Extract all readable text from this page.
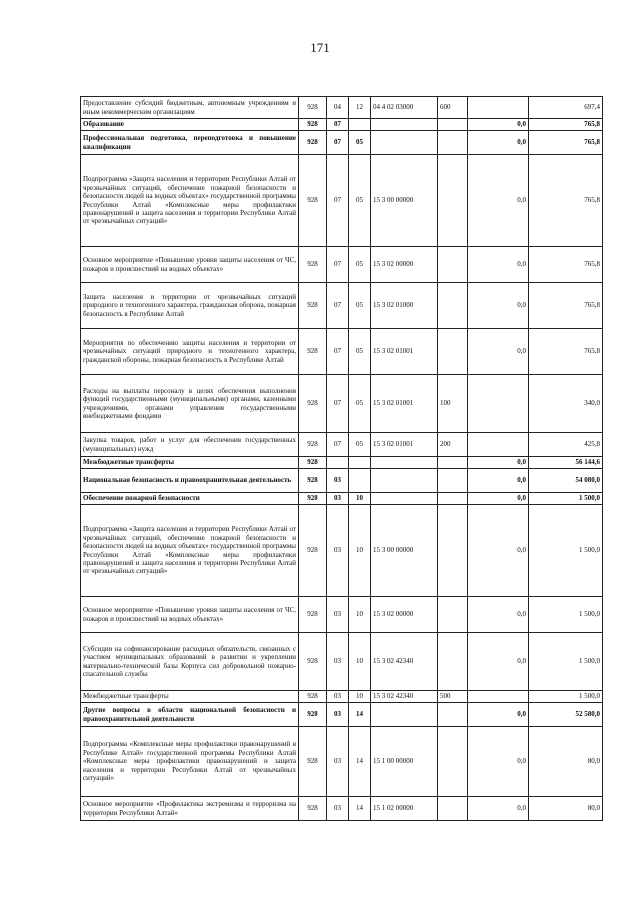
171
Предоставление субсидий бюджетным, автономным учреждениям и иным некоммерческим организациям	928	04	12	04 4 02 03000	600		697,4
Образование	928	07				0,0	765,8
Профессиональная подготовка, переподготовка и повышение квалификации	928	07	05			0,0	765,8
Подпрограмма «Защита населения и территории Республики Алтай от чрезвычайных ситуаций, обеспечение пожарной безопасности и безопасности людей на водных объектах» государственной программы Республики Алтай «Комплексные меры профилактики правонарушений и защита населения и территории Республики Алтай от чрезвычайных ситуаций»	928	07	05	15 3 00 00000		0,0	765,8
Основное мероприятие «Повышение уровня защиты населения от ЧС, пожаров и происшествий на водных объектах»	928	07	05	15 3 02 00000		0,0	765,8
Защита населения и территории от чрезвычайных ситуаций природного и техногенного характера, гражданская оборона, пожарная безопасность в Республике Алтай	928	07	05	15 3 02 01000		0,0	765,8
Мероприятия по обеспечению защиты населения и территории от чрезвычайных ситуаций природного и техногенного характера, гражданской обороны, пожарная безопасность в Республике Алтай	928	07	05	15 3 02 01001		0,0	765,8
Расходы на выплаты персоналу в целях обеспечения выполнения функций государственными (муниципальными) органами, казенными учреждениями, органами управления государственными внебюджетными фондами	928	07	05	15 3 02 01001	100		340,0
Закупка товаров, работ и услуг для обеспечения государственных (муниципальных) нужд	928	07	05	15 3 02 01001	200		425,8
Межбюджетные трансферты	928					0,0	56 144,6
Национальная безопасность и правоохранительная деятельность	928	03				0,0	54 080,0
Обеспечение пожарной безопасности	928	03	10			0,0	1 500,0
Подпрограмма «Защита населения и территории Республики Алтай от чрезвычайных ситуаций, обеспечение пожарной безопасности и безопасности людей на водных объектах» государственной программы Республики Алтай «Комплексные меры профилактики правонарушений и защита населения и территории Республики Алтай от чрезвычайных ситуаций»	928	03	10	15 3 00 00000		0,0	1 500,0
Основное мероприятие «Повышение уровня защиты населения от ЧС, пожаров и происшествий на водных объектах»	928	03	10	15 3 02 00000		0,0	1 500,0
Субсидии на софинансирование расходных обязательств, связанных с участием муниципальных образований в развитии и укреплении материально-технической базы Корпуса сил добровольной пожарно-спасательной службы	928	03	10	15 3 02 42340		0,0	1 500,0
Межбюджетные трансферты	928	03	10	15 3 02 42340	500		1 500,0
Другие вопросы в области национальной безопасности и правоохранительной деятельности	928	03	14			0,0	52 580,0
Подпрограмма «Комплексные меры профилактики правонарушений в Республике Алтай» государственной программы Республики Алтай «Комплексные меры профилактики правонарушений и защита населения и территории Республики Алтай от чрезвычайных ситуаций»	928	03	14	15 1 00 00000		0,0	80,0
Основное мероприятие «Профилактика экстремизма и терроризма на территории Республики Алтай»	928	03	14	15 1 02 00000		0,0	80,0
